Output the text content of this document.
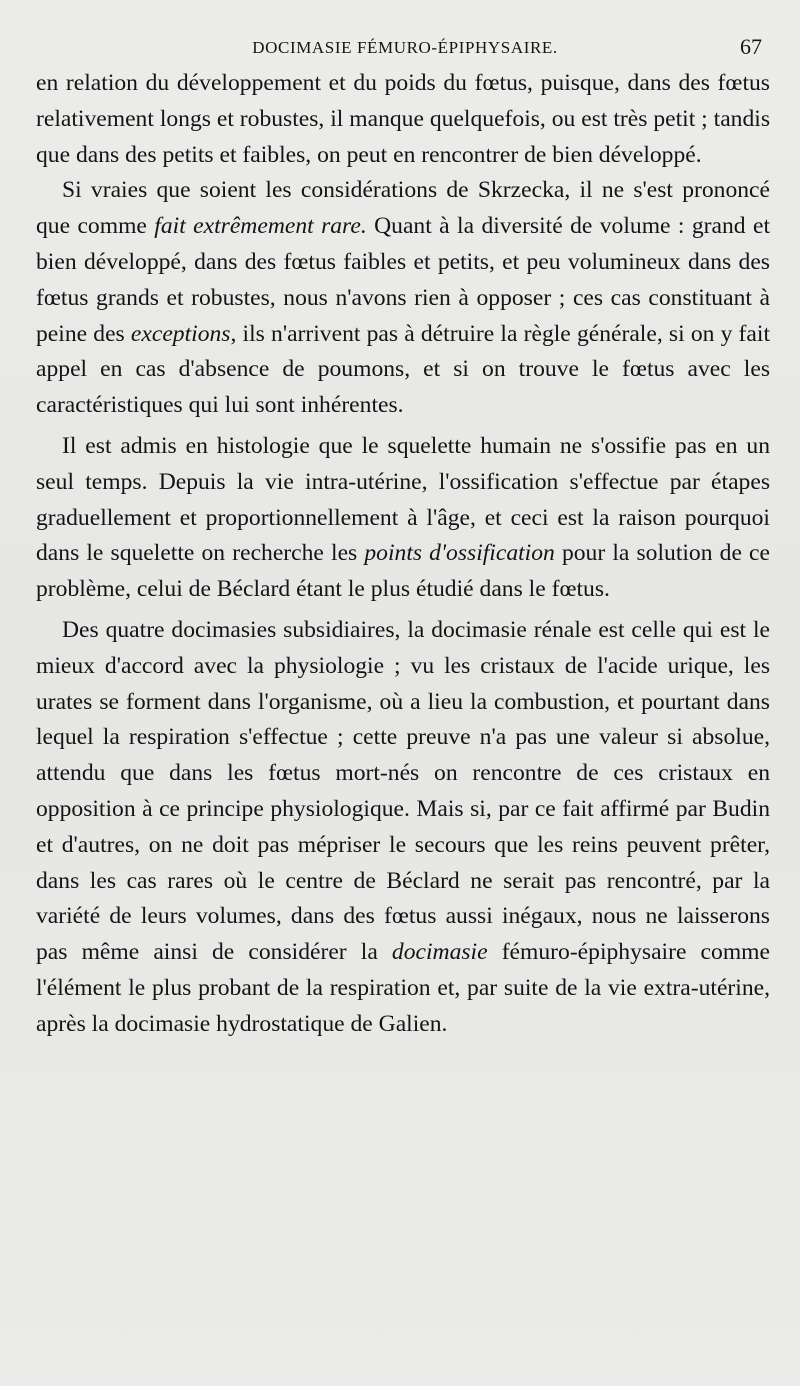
DOCIMASIE FÉMURO-ÉPIPHYSAIRE.	67

en relation du développement et du poids du fœtus, puisque, dans des fœtus relativement longs et robustes, il manque quelquefois, ou est très petit ; tandis que dans des petits et faibles, on peut en rencontrer de bien développé.

Si vraies que soient les considérations de Skrzecka, il ne s'est prononcé que comme fait extrêmement rare. Quant à la diversité de volume : grand et bien développé, dans des fœtus faibles et petits, et peu volumineux dans des fœtus grands et robustes, nous n'avons rien à opposer ; ces cas constituant à peine des exceptions, ils n'arrivent pas à détruire la règle générale, si on y fait appel en cas d'absence de poumons, et si on trouve le fœtus avec les caractéristiques qui lui sont inhérentes.

Il est admis en histologie que le squelette humain ne s'ossifie pas en un seul temps. Depuis la vie intra-utérine, l'ossification s'effectue par étapes graduellement et proportionnellement à l'âge, et ceci est la raison pourquoi dans le squelette on recherche les points d'ossification pour la solution de ce problème, celui de Béclard étant le plus étudié dans le fœtus.

Des quatre docimasies subsidiaires, la docimasie rénale est celle qui est le mieux d'accord avec la physiologie ; vu les cristaux de l'acide urique, les urates se forment dans l'organisme, où a lieu la combustion, et pourtant dans lequel la respiration s'effectue ; cette preuve n'a pas une valeur si absolue, attendu que dans les fœtus mort-nés on rencontre de ces cristaux en opposition à ce principe physiologique. Mais si, par ce fait affirmé par Budin et d'autres, on ne doit pas mépriser le secours que les reins peuvent prêter, dans les cas rares où le centre de Béclard ne serait pas rencontré, par la variété de leurs volumes, dans des fœtus aussi inégaux, nous ne laisserons pas même ainsi de considérer la docimasie fémuro-épiphysaire comme l'élément le plus probant de la respiration et, par suite de la vie extra-utérine, après la docimasie hydrostatique de Galien.
